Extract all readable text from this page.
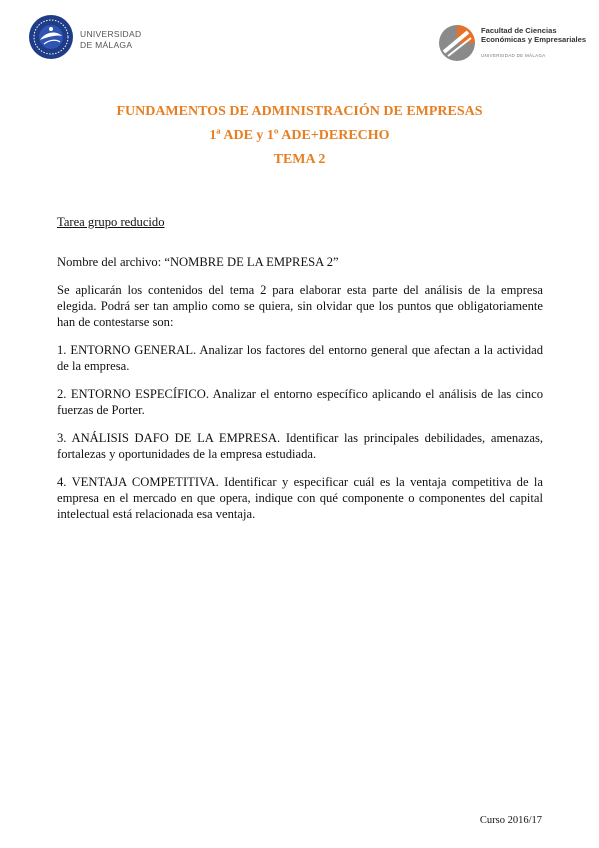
UNIVERSIDAD
DE MÁLAGA
Facultad de Ciencias
Económicas y Empresariales
UNIVERSIDAD DE MÁLAGA
FUNDAMENTOS DE ADMINISTRACIÓN DE EMPRESAS
1ª ADE y 1º ADE+DERECHO
TEMA 2
Tarea grupo reducido

Nombre del archivo: “NOMBRE DE LA EMPRESA 2”

Se aplicarán los contenidos del tema 2 para elaborar esta parte del análisis de la empresa elegida. Podrá ser tan amplio como se quiera, sin olvidar que los puntos que obligatoriamente han de contestarse son:

1. ENTORNO GENERAL. Analizar los factores del entorno general que afectan a la actividad de la empresa.

2. ENTORNO ESPECÍFICO. Analizar el entorno específico aplicando el análisis de las cinco fuerzas de Porter.

3. ANÁLISIS DAFO DE LA EMPRESA. Identificar las principales debilidades, amenazas, fortalezas y oportunidades de la empresa estudiada.

4. VENTAJA COMPETITIVA. Identificar y especificar cuál es la ventaja competitiva de la empresa en el mercado en que opera, indique con qué componente o componentes del capital intelectual está relacionada esa ventaja.

Curso 2016/17
